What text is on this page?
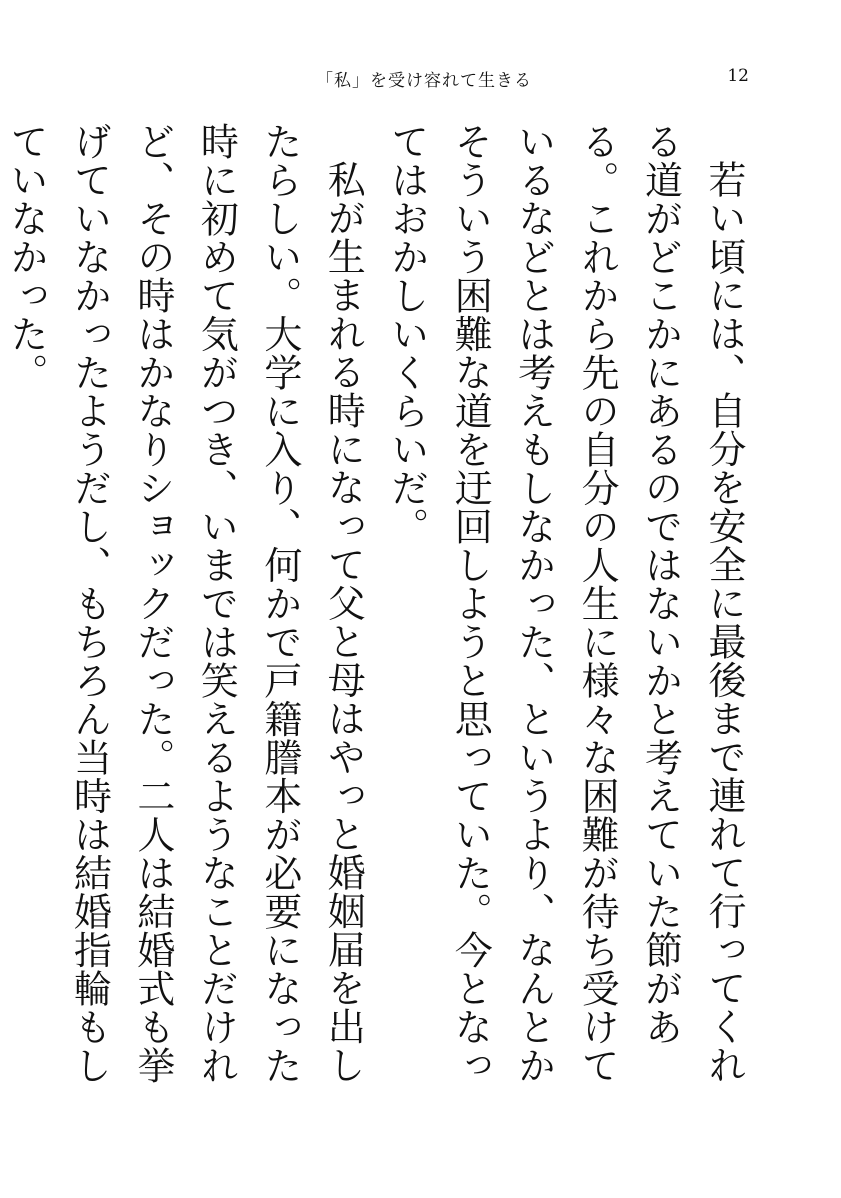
「私」を受け容れて生きる	12

若い頃には、自分を安全に最後まで連れて行ってくれる道がどこかにあるのではないかと考えていた節がある。これから先の自分の人生に様々な困難が待ち受けているなどとは考えもしなかった、というより、なんとかそういう困難な道を迂回しようと思っていた。今となってはおかしいくらいだ。

私が生まれる時になって父と母はやっと婚姻届を出したらしい。大学に入り、何かで戸籍謄本が必要になった時に初めて気がつき、いまでは笑えるようなことだけれど、その時はかなりショックだった。二人は結婚式も挙げていなかったようだし、もちろん当時は結婚指輪もしていなかった。
